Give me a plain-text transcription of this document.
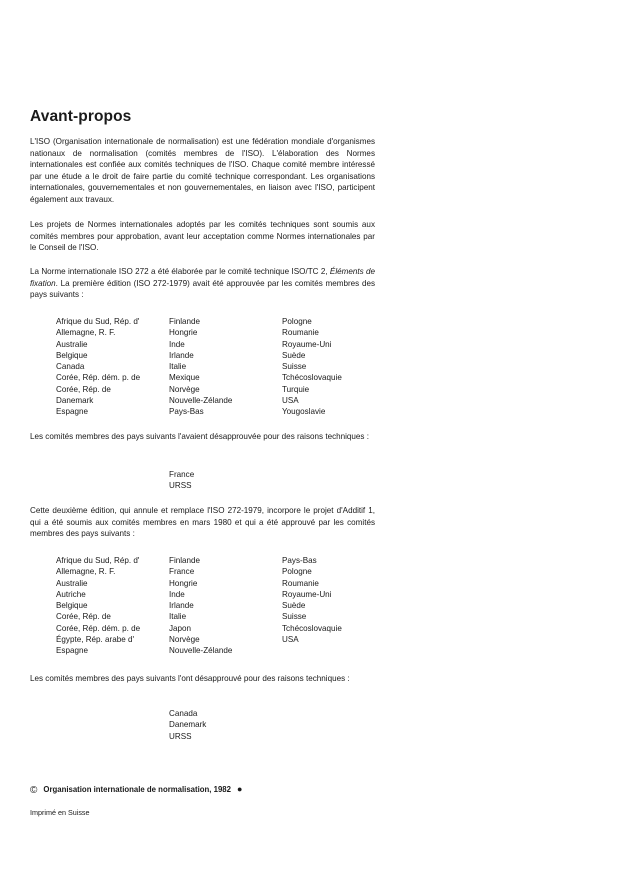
Avant-propos
L'ISO (Organisation internationale de normalisation) est une fédération mondiale d'organismes nationaux de normalisation (comités membres de l'ISO). L'élaboration des Normes internationales est confiée aux comités techniques de l'ISO. Chaque comité membre intéressé par une étude a le droit de faire partie du comité technique correspondant. Les organisations internationales, gouvernementales et non gouvernementales, en liaison avec l'ISO, participent également aux travaux.
Les projets de Normes internationales adoptés par les comités techniques sont soumis aux comités membres pour approbation, avant leur acceptation comme Normes internationales par le Conseil de l'ISO.
La Norme internationale ISO 272 a été élaborée par le comité technique ISO/TC 2, Éléments de fixation. La première édition (ISO 272-1979) avait été approuvée par les comités membres des pays suivants :
Afrique du Sud, Rép. d'
Allemagne, R. F.
Australie
Belgique
Canada
Corée, Rép. dém. p. de
Corée, Rép. de
Danemark
Espagne
Finlande
Hongrie
Inde
Irlande
Italie
Mexique
Norvège
Nouvelle-Zélande
Pays-Bas
Pologne
Roumanie
Royaume-Uni
Suède
Suisse
Tchécoslovaquie
Turquie
USA
Yougoslavie
Les comités membres des pays suivants l'avaient désapprouvée pour des raisons techniques :
France
URSS
Cette deuxième édition, qui annule et remplace l'ISO 272-1979, incorpore le projet d'Additif 1, qui a été soumis aux comités membres en mars 1980 et qui a été approuvé par les comités membres des pays suivants :
Afrique du Sud, Rép. d'
Allemagne, R. F.
Australie
Autriche
Belgique
Corée, Rép. de
Corée, Rép. dém. p. de
Égypte, Rép. arabe d'
Espagne
Finlande
France
Hongrie
Inde
Irlande
Italie
Japon
Norvège
Nouvelle-Zélande
Pays-Bas
Pologne
Roumanie
Royaume-Uni
Suède
Suisse
Tchécoslovaquie
USA
Les comités membres des pays suivants l'ont désapprouvé pour des raisons techniques :
Canada
Danemark
URSS
© Organisation internationale de normalisation, 1982 ●
Imprimé en Suisse
